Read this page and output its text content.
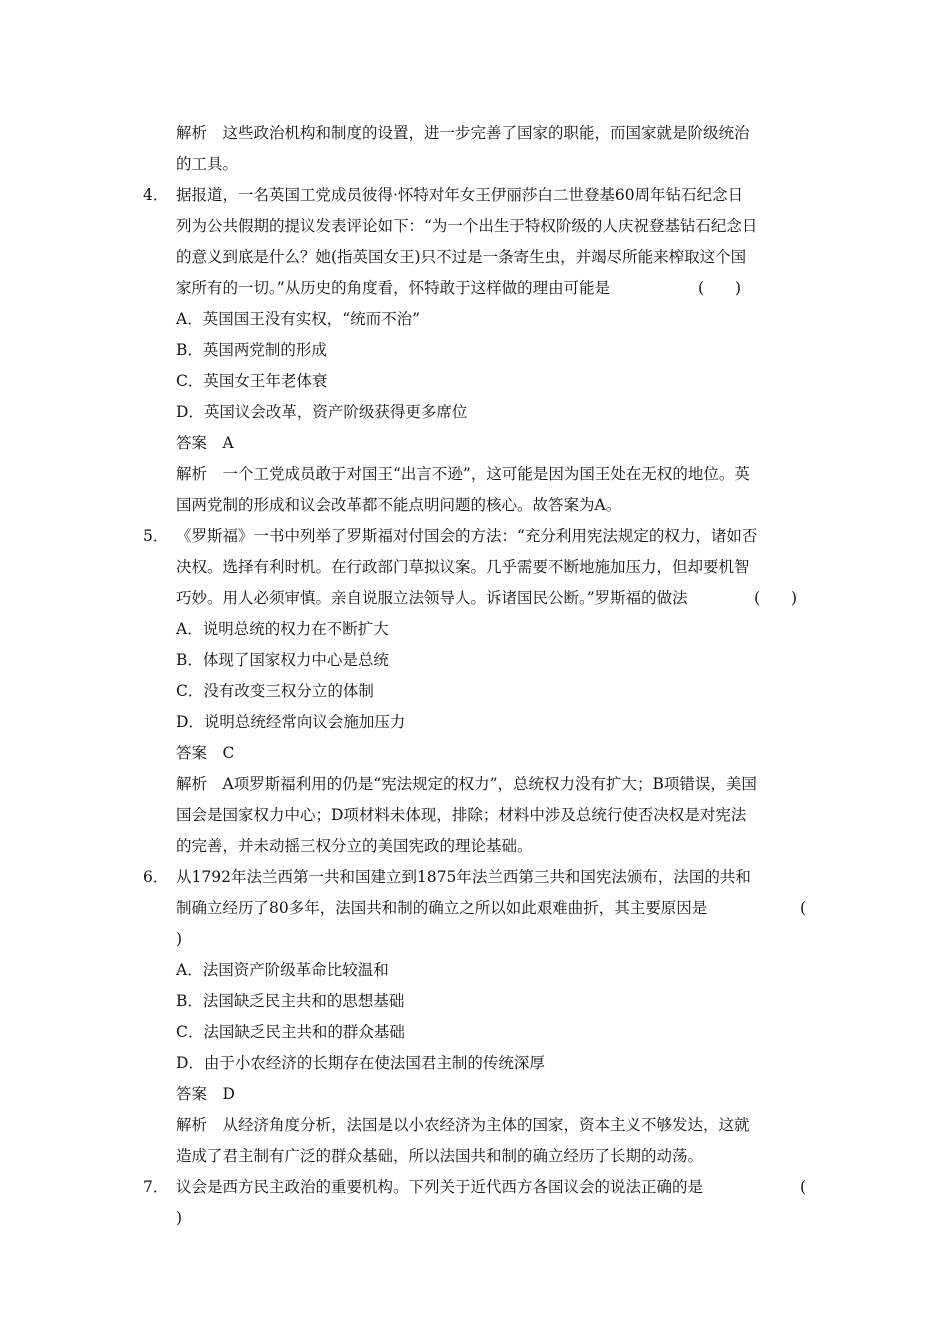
解析　这些政治机构和制度的设置，进一步完善了国家的职能，而国家就是阶级统治
的工具。
4． 据报道，一名英国工党成员彼得·怀特对年女王伊丽莎白二世登基60周年钻石纪念日
列为公共假期的提议发表评论如下：“为一个出生于特权阶级的人庆祝登基钻石纪念日
的意义到底是什么？她(指英国女王)只不过是一条寄生虫，并竭尽所能来榨取这个国
家所有的一切。”从历史的角度看，怀特敢于这样做的理由可能是	(　　)
A．英国国王没有实权，“统而不治”
B．英国两党制的形成
C．英国女王年老体衰
D．英国议会改革，资产阶级获得更多席位
答案　A
解析　一个工党成员敢于对国王“出言不逊”，这可能是因为国王处在无权的地位。英
国两党制的形成和议会改革都不能点明问题的核心。故答案为A。
5． 《罗斯福》一书中列举了罗斯福对付国会的方法：“充分利用宪法规定的权力，诸如否
决权。选择有利时机。在行政部门草拟议案。几乎需要不断地施加压力，但却要机智
巧妙。用人必须审慎。亲自说服立法领导人。诉诸国民公断。”罗斯福的做法	(　　)
A．说明总统的权力在不断扩大
B．体现了国家权力中心是总统
C．没有改变三权分立的体制
D．说明总统经常向议会施加压力
答案　C
解析　A项罗斯福利用的仍是“宪法规定的权力”，总统权力没有扩大；B项错误，美国
国会是国家权力中心；D项材料未体现，排除；材料中涉及总统行使否决权是对宪法
的完善，并未动摇三权分立的美国宪政的理论基础。
6． 从1792年法兰西第一共和国建立到1875年法兰西第三共和国宪法颁布，法国的共和
制确立经历了80多年，法国共和制的确立之所以如此艰难曲折，其主要原因是	(
)
A．法国资产阶级革命比较温和
B．法国缺乏民主共和的思想基础
C．法国缺乏民主共和的群众基础
D．由于小农经济的长期存在使法国君主制的传统深厚
答案　D
解析　从经济角度分析，法国是以小农经济为主体的国家，资本主义不够发达，这就
造成了君主制有广泛的群众基础，所以法国共和制的确立经历了长期的动荡。
7． 议会是西方民主政治的重要机构。下列关于近代西方各国议会的说法正确的是	(
)
